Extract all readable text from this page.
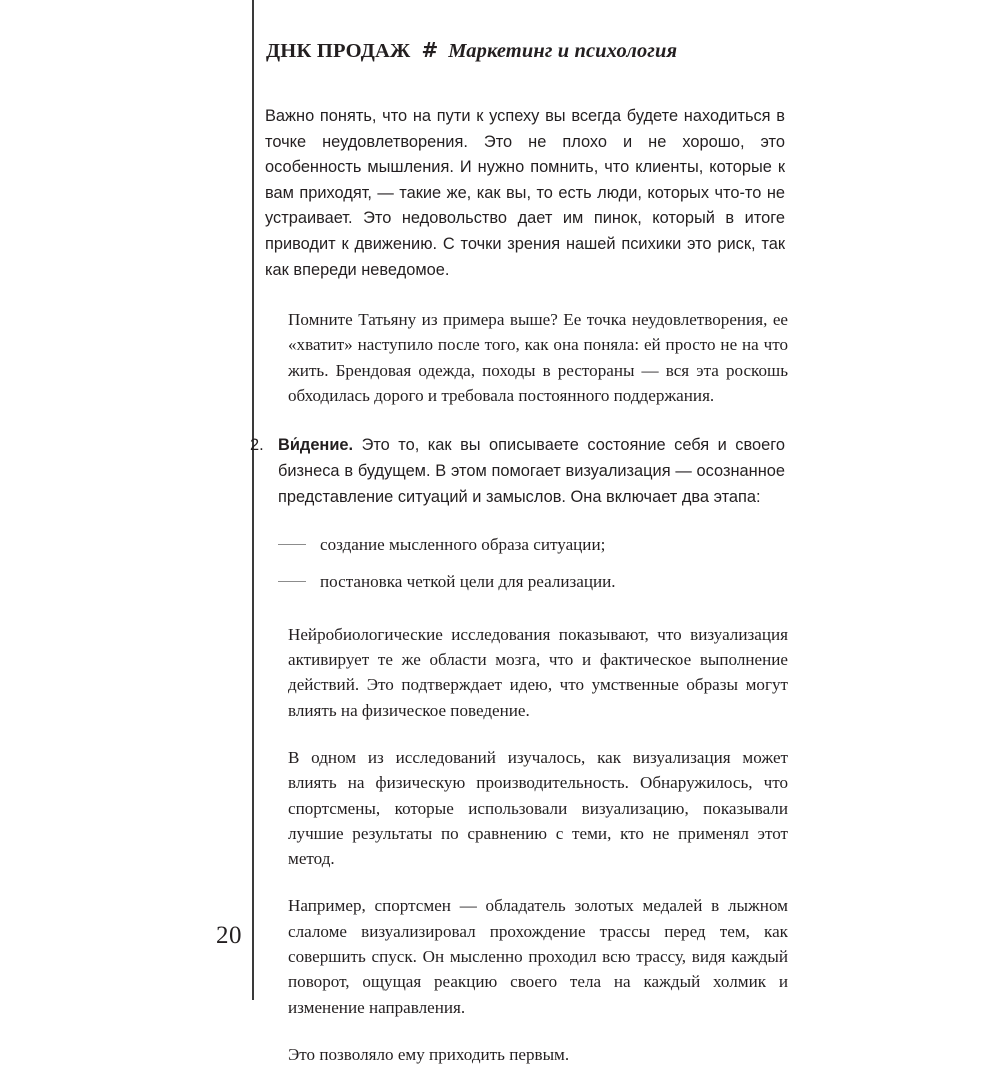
ДНК ПРОДАЖ # Маркетинг и психология

Важно понять, что на пути к успеху вы всегда будете находиться в точке неудовлетворения. Это не плохо и не хорошо, это особенность мышления. И нужно помнить, что клиенты, которые к вам приходят, — такие же, как вы, то есть люди, которых что-то не устраивает. Это недовольство дает им пинок, который в итоге приводит к движению. С точки зрения нашей психики это риск, так как впереди неведомое.

Помните Татьяну из примера выше? Ее точка неудовлетворения, ее «хватит» наступило после того, как она поняла: ей просто не на что жить. Брендовая одежда, походы в рестораны — вся эта роскошь обходилась дорого и требовала постоянного поддержания.

2. Ви́дение. Это то, как вы описываете состояние себя и своего бизнеса в будущем. В этом помогает визуализация — осознанное представление ситуаций и замыслов. Она включает два этапа:

создание мысленного образа ситуации;
постановка четкой цели для реализации.

Нейробиологические исследования показывают, что визуализация активирует те же области мозга, что и фактическое выполнение действий. Это подтверждает идею, что умственные образы могут влиять на физическое поведение.

В одном из исследований изучалось, как визуализация может влиять на физическую производительность. Обнаружилось, что спортсмены, которые использовали визуализацию, показывали лучшие результаты по сравнению с теми, кто не применял этот метод.

Например, спортсмен — обладатель золотых медалей в лыжном слаломе визуализировал прохождение трассы перед тем, как совершить спуск. Он мысленно проходил всю трассу, видя каждый поворот, ощущая реакцию своего тела на каждый холмик и изменение направления.

Это позволяло ему приходить первым.

20
